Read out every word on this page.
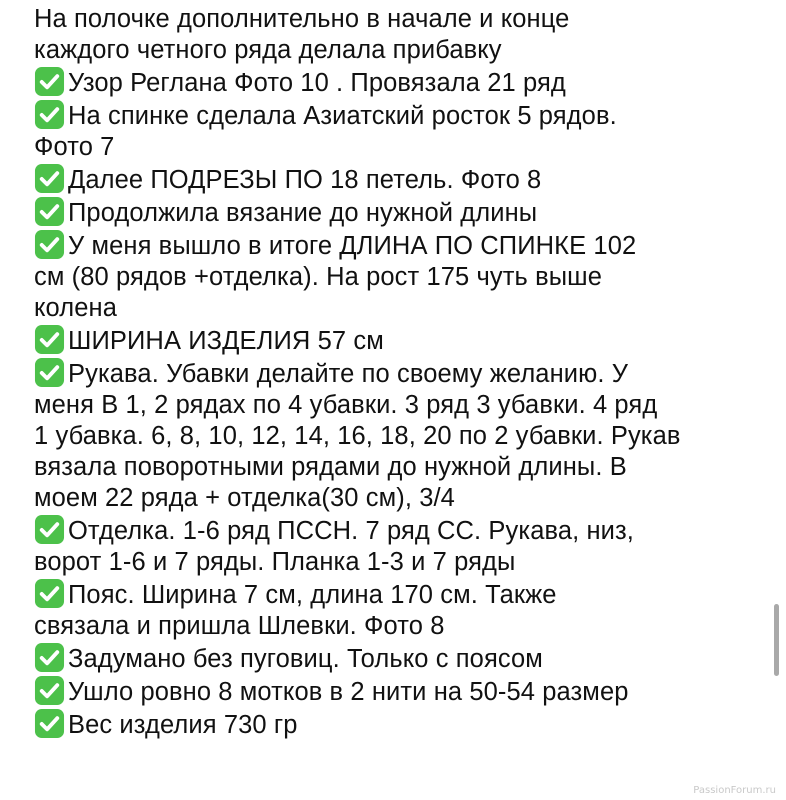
На полочке дополнительно в начале и конце
каждого четного ряда делала прибавку
Узор Реглана Фото 10 . Провязала 21 ряд
На спинке сделала Азиатский росток 5 рядов.
Фото 7
Далее ПОДРЕЗЫ ПО 18 петель. Фото 8
Продолжила вязание до нужной длины
У меня вышло в итоге ДЛИНА ПО СПИНКЕ 102
см (80 рядов +отделка). На рост 175 чуть выше
колена
ШИРИНА ИЗДЕЛИЯ 57 см
Рукава. Убавки делайте по своему желанию. У
меня В 1, 2 рядах по 4 убавки. 3 ряд 3 убавки. 4 ряд
1 убавка. 6, 8, 10, 12, 14, 16, 18, 20 по 2 убавки. Рукав
вязала поворотными рядами до нужной длины. В
моем 22 ряда + отделка(30 см), 3/4
Отделка. 1-6 ряд ПССН. 7 ряд СС. Рукава, низ,
ворот 1-6 и 7 ряды. Планка 1-3 и 7 ряды
Пояс. Ширина 7 см, длина 170 см. Также
связала и пришла Шлевки. Фото 8
Задумано без пуговиц. Только с поясом
Ушло ровно 8 мотков в 2 нити на 50-54 размер
Вес изделия 730 гр
PassionForum.ru
